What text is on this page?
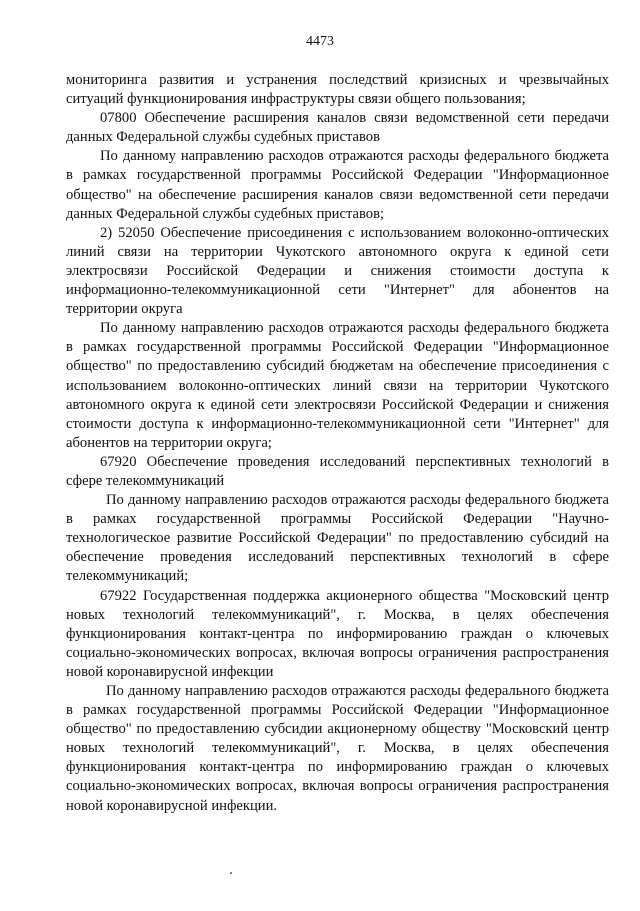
4473

мониторинга развития и устранения последствий кризисных и чрезвычайных ситуаций функционирования инфраструктуры связи общего пользования;

07800 Обеспечение расширения каналов связи ведомственной сети передачи данных Федеральной службы судебных приставов

По данному направлению расходов отражаются расходы федерального бюджета в рамках государственной программы Российской Федерации "Информационное общество" на обеспечение расширения каналов связи ведомственной сети передачи данных Федеральной службы судебных приставов;

2) 52050 Обеспечение присоединения с использованием волоконно-оптических линий связи на территории Чукотского автономного округа к единой сети электросвязи Российской Федерации и снижения стоимости доступа к информационно-телекоммуникационной сети "Интернет" для абонентов на территории округа

По данному направлению расходов отражаются расходы федерального бюджета в рамках государственной программы Российской Федерации "Информационное общество" по предоставлению субсидий бюджетам на обеспечение присоединения с использованием волоконно-оптических линий связи на территории Чукотского автономного округа к единой сети электросвязи Российской Федерации и снижения стоимости доступа к информационно-телекоммуникационной сети "Интернет" для абонентов на территории округа;

67920 Обеспечение проведения исследований перспективных технологий в сфере телекоммуникаций

По данному направлению расходов отражаются расходы федерального бюджета в рамках государственной программы Российской Федерации "Научно-технологическое развитие Российской Федерации" по предоставлению субсидий на обеспечение проведения исследований перспективных технологий в сфере телекоммуникаций;

67922 Государственная поддержка акционерного общества "Московский центр новых технологий телекоммуникаций", г. Москва, в целях обеспечения функционирования контакт-центра по информированию граждан о ключевых социально-экономических вопросах, включая вопросы ограничения распространения новой коронавирусной инфекции

По данному направлению расходов отражаются расходы федерального бюджета в рамках государственной программы Российской Федерации "Информационное общество" по предоставлению субсидии акционерному обществу "Московский центр новых технологий телекоммуникаций", г. Москва, в целях обеспечения функционирования контакт-центра по информированию граждан о ключевых социально-экономических вопросах, включая вопросы ограничения распространения новой коронавирусной инфекции.
